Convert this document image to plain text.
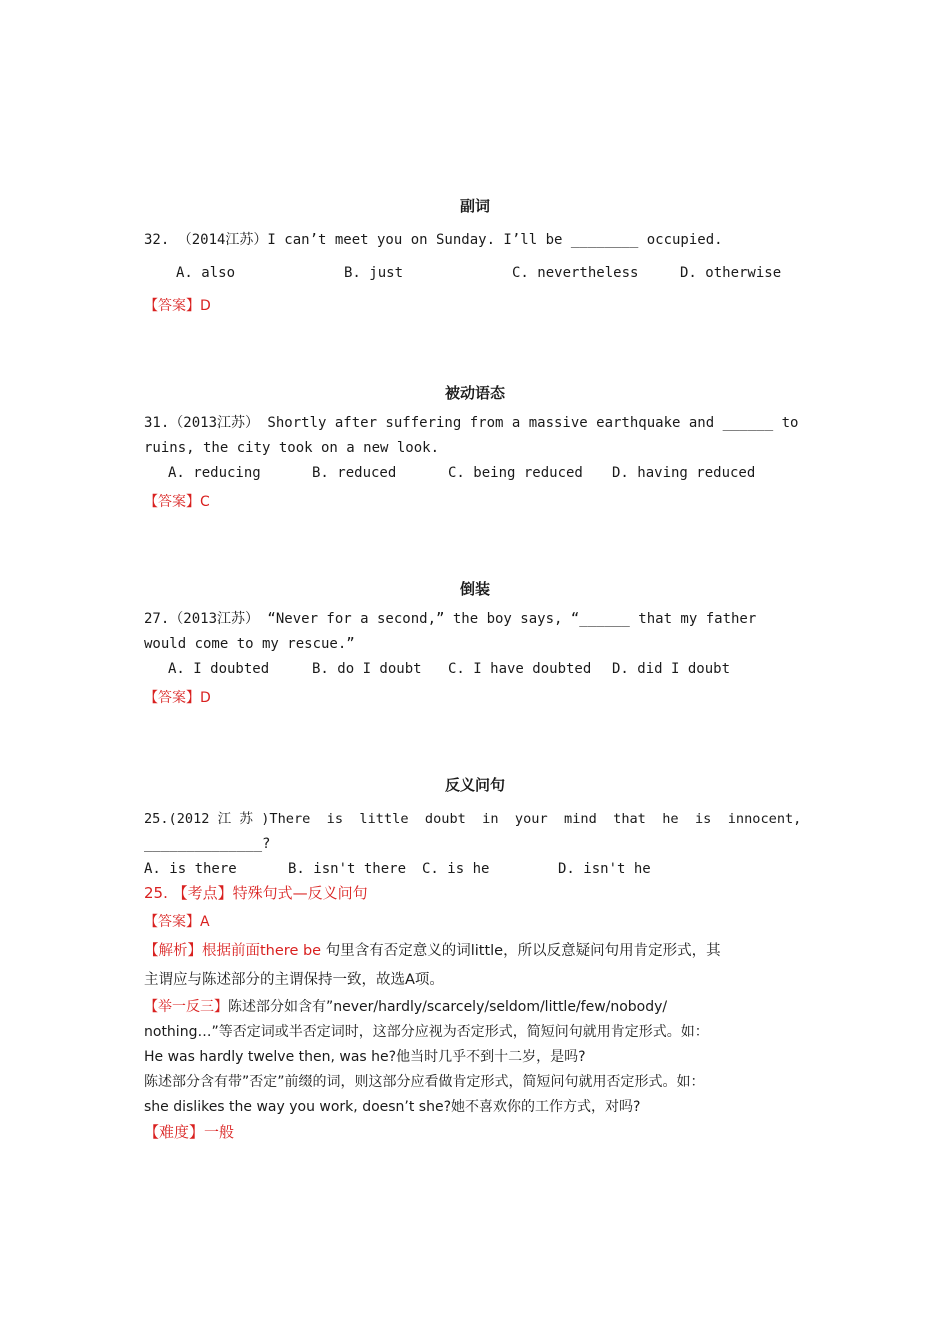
副词
32. （2014江苏）I can’t meet you on Sunday. I’ll be ________ occupied.
A. also	B. just	C. nevertheless	D. otherwise
【答案】D
被动语态
31.（2013江苏） Shortly after suffering from a massive earthquake and ______ to
ruins, the city took on a new look.
A. reducing	B. reduced	C. being reduced D. having reduced
【答案】C
倒装
27.（2013江苏） “Never for a second,” the boy says, “______ that my father
would come to my rescue.”
A. I doubted	B. do I doubt C. I have doubted D. did I doubt
【答案】D
反义问句
25.(2012 江 苏 )There  is  little  doubt  in  your  mind  that  he  is  innocent,
______________?
A. is there	B. isn't there C. is he	D. isn't he
25. 【考点】特殊句式—反义问句
【答案】A
【解析】根据前面there be 句里含有否定意义的词little，所以反意疑问句用肯定形式，其
主谓应与陈述部分的主谓保持一致，故选A项。
【举一反三】陈述部分如含有”never/hardly/scarcely/seldom/little/few/nobody/
nothing…”等否定词或半否定词时，这部分应视为否定形式，简短问句就用肯定形式。如：
He was hardly twelve then, was he?他当时几乎不到十二岁，是吗?
陈述部分含有带”否定”前缀的词，则这部分应看做肯定形式，简短问句就用否定形式。如：
she dislikes the way you work, doesn’t she?她不喜欢你的工作方式，对吗?
【难度】一般
